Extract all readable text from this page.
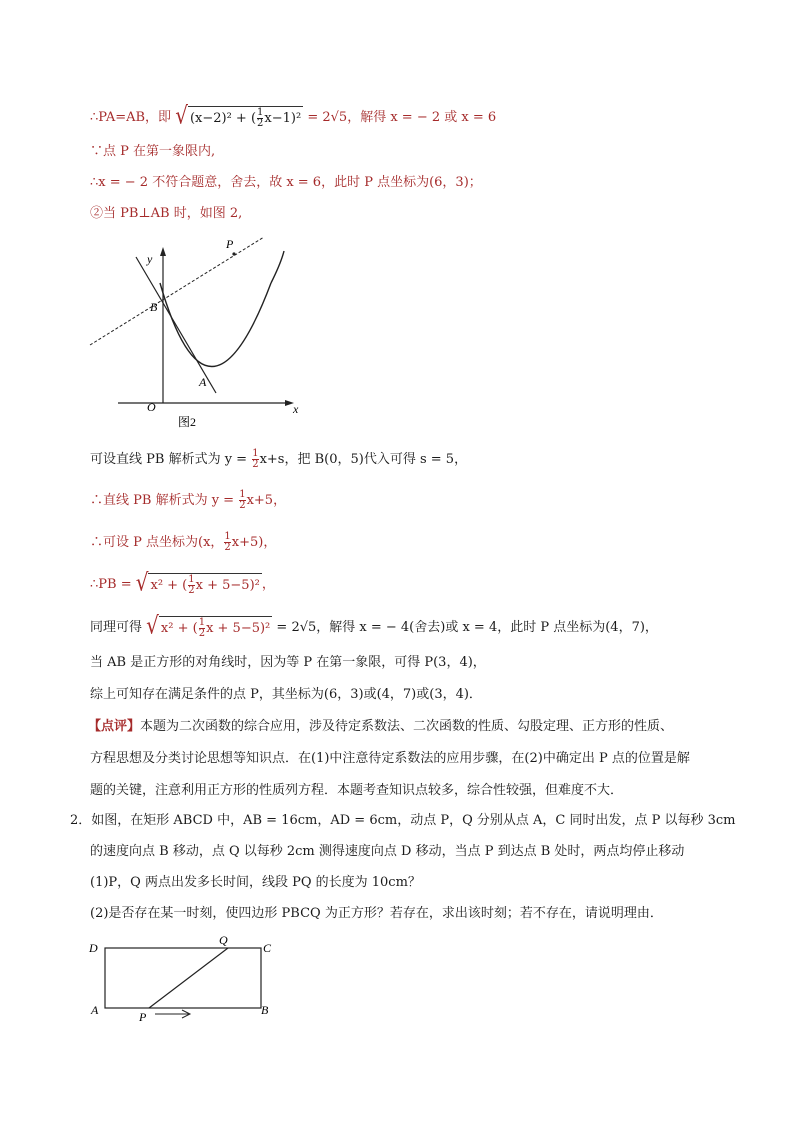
∴PA=AB，即 √ (x−2)² + ( $\frac{1}{2} x-1)^2 = 2√5$，解得 x = − 2 或 x = 6
∵点 P 在第一象限内,
∴x = − 2 不符合题意，舍去，故 x = 6，此时 P 点坐标为(6，3)；
②当 PB⊥AB 时，如图 2,
y
x
O
B
A
P
图2
可设直线 PB 解析式为 $y = \frac{1}{2} x+s$，把 B(0，5)代入可得 s = 5，
∴直线 PB 解析式为 $y = \frac{1}{2} x+5$，
∴可设 P 点坐标为(x， $\frac{1}{2} x+5$)，
∴PB = √ x² + ( $\frac{1}{2}$ x + 5−5)² ，
同理可得 √ x² + ( $\frac{1}{2}$ x + 5−5)² = 2√5，解得 x = − 4(舍去)或 x = 4，此时 P 点坐标为(4，7)，
当 AB 是正方形的对角线时，因为等 P 在第一象限，可得 P(3，4)，
综上可知存在满足条件的点 P，其坐标为(6，3)或(4，7)或(3，4)．
【点评】本题为二次函数的综合应用，涉及待定系数法、二次函数的性质、勾股定理、正方形的性质、
方程思想及分类讨论思想等知识点．在(1)中注意待定系数法的应用步骤，在(2)中确定出 P 点的位置是解
题的关键，注意利用正方形的性质列方程．本题考查知识点较多，综合性较强，但难度不大．
2．如图，在矩形 ABCD 中，AB = 16cm，AD = 6cm，动点 P，Q 分别从点 A，C 同时出发，点 P 以每秒 3cm
的速度向点 B 移动，点 Q 以每秒 2cm 测得速度向点 D 移动，当点 P 到达点 B 处时，两点均停止移动
(1)P，Q 两点出发多长时间，线段 PQ 的长度为 10cm？
(2)是否存在某一时刻，使四边形 PBCQ 为正方形？若存在，求出该时刻；若不存在，请说明理由．
D
Q
C
A	P	B
